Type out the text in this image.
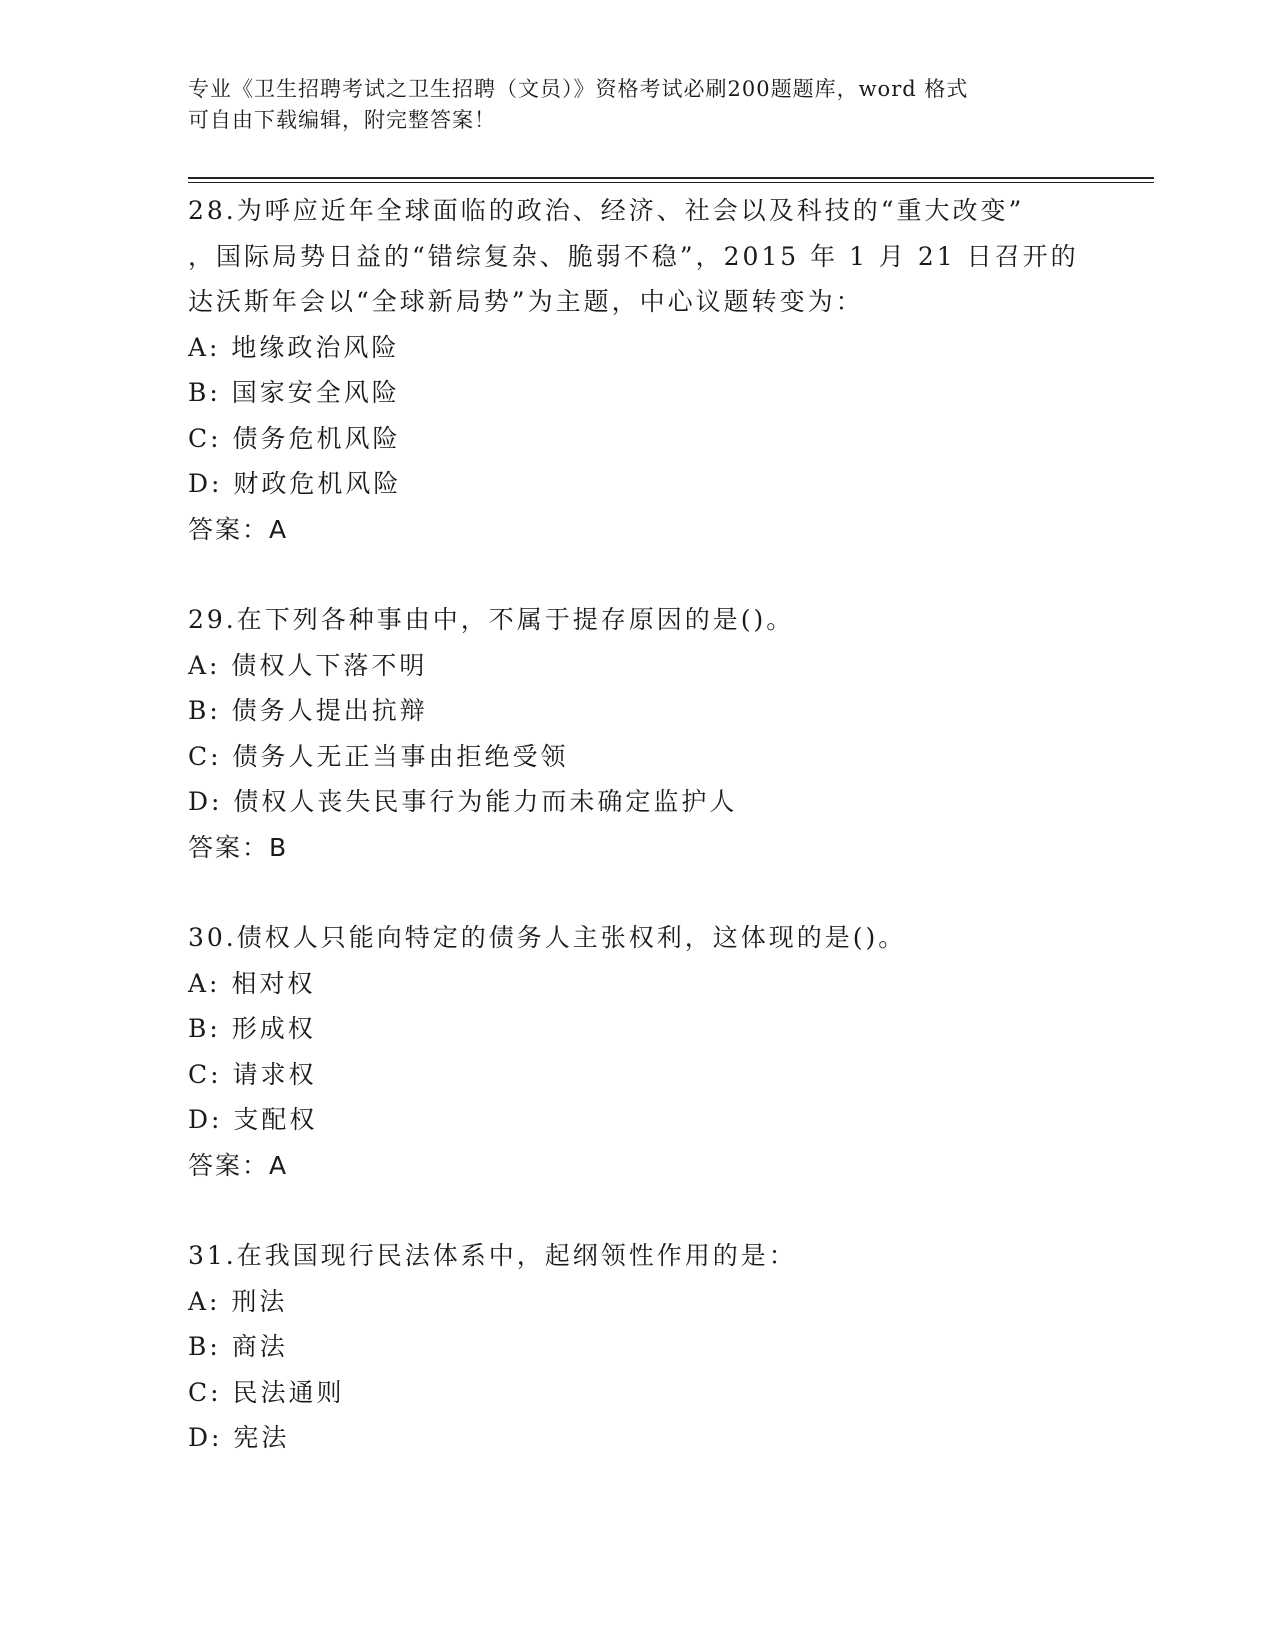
专业《卫生招聘考试之卫生招聘（文员）》资格考试必刷200题题库，word 格式
可自由下载编辑，附完整答案！
28.为呼应近年全球面临的政治、经济、社会以及科技的“重大改变”
，国际局势日益的“错综复杂、脆弱不稳”，2015 年 1 月 21 日召开的
达沃斯年会以“全球新局势”为主题，中心议题转变为：
A: 地缘政治风险
B: 国家安全风险
C: 债务危机风险
D: 财政危机风险
答案：A
29.在下列各种事由中，不属于提存原因的是()。
A: 债权人下落不明
B: 债务人提出抗辩
C: 债务人无正当事由拒绝受领
D: 债权人丧失民事行为能力而未确定监护人
答案：B
30.债权人只能向特定的债务人主张权利，这体现的是()。
A: 相对权
B: 形成权
C: 请求权
D: 支配权
答案：A
31.在我国现行民法体系中，起纲领性作用的是：
A: 刑法
B: 商法
C: 民法通则
D: 宪法
